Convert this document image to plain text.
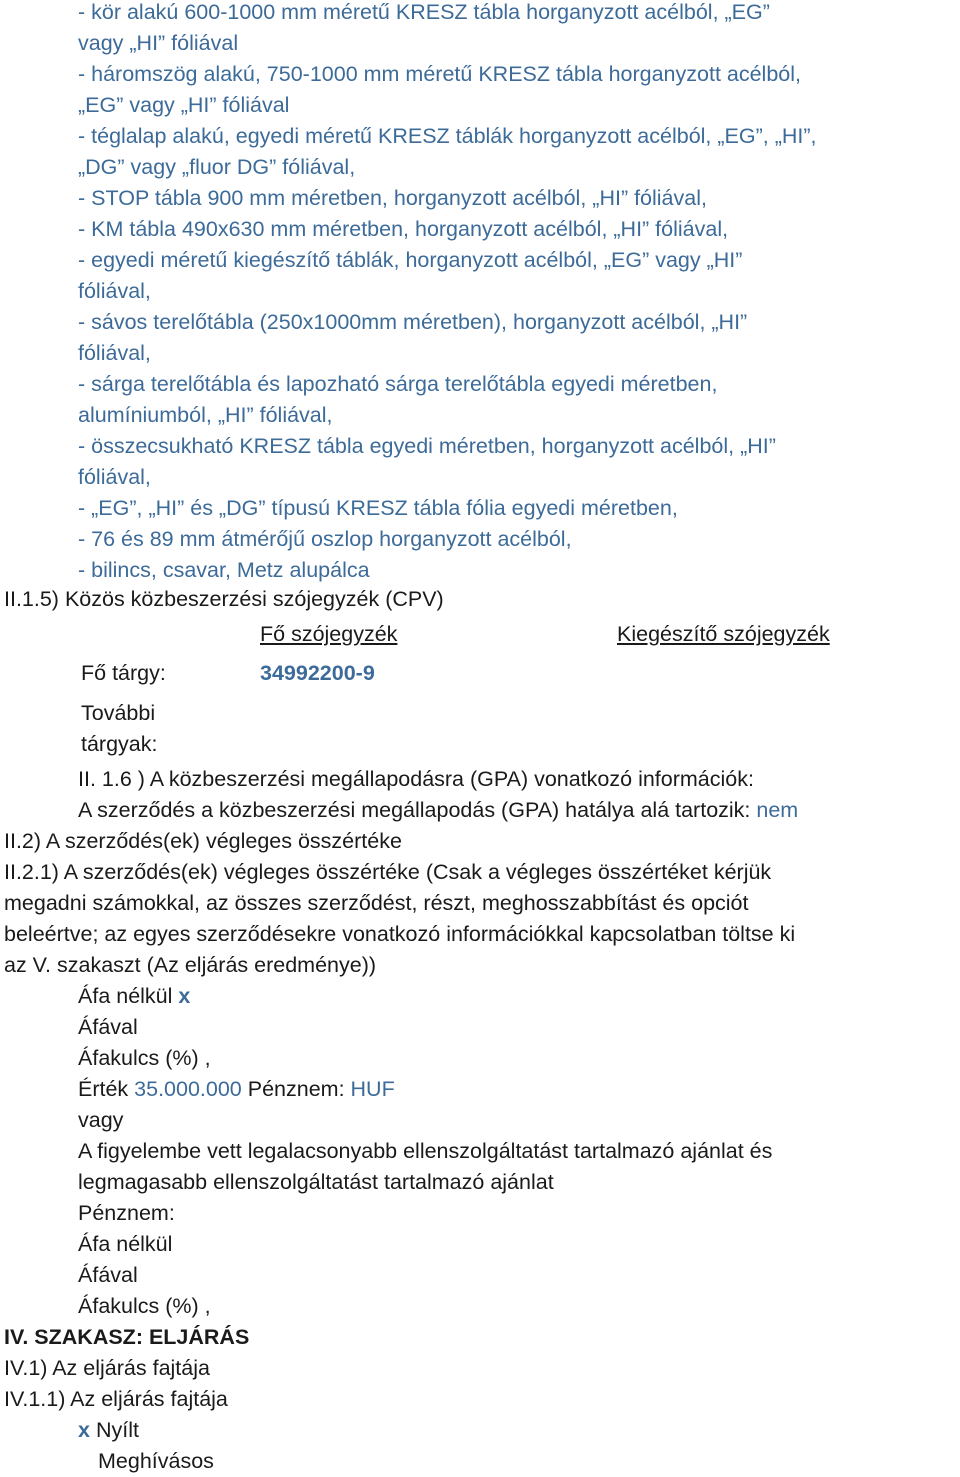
- kör alakú 600-1000 mm méretű KRESZ tábla horganyzott acélból, „EG”
vagy „HI” fóliával
- háromszög alakú, 750-1000 mm méretű KRESZ tábla horganyzott acélból,
„EG” vagy „HI” fóliával
- téglalap alakú, egyedi méretű KRESZ táblák horganyzott acélból, „EG”, „HI”,
„DG” vagy „fluor DG” fóliával,
- STOP tábla 900 mm méretben, horganyzott acélból, „HI” fóliával,
- KM tábla 490x630 mm méretben, horganyzott acélból, „HI” fóliával,
- egyedi méretű kiegészítő táblák, horganyzott acélból, „EG” vagy „HI”
fóliával,
- sávos terelőtábla (250x1000mm méretben), horganyzott acélból, „HI”
fóliával,
- sárga terelőtábla és lapozható sárga terelőtábla egyedi méretben,
alumíniumból, „HI” fóliával,
- összecsukható KRESZ tábla egyedi méretben, horganyzott acélból, „HI”
fóliával,
- „EG”, „HI” és „DG” típusú KRESZ tábla fólia egyedi méretben,
- 76 és 89 mm átmérőjű oszlop horganyzott acélból,
- bilincs, csavar, Metz alupálca
II.1.5) Közös közbeszerzési szójegyzék (CPV)
Fő szójegyzék	Kiegészítő szójegyzék
Fő tárgy:	34992200-9
További
tárgyak:
II. 1.6 ) A közbeszerzési megállapodásra (GPA) vonatkozó információk:
A szerződés a közbeszerzési megállapodás (GPA) hatálya alá tartozik: nem
II.2) A szerződés(ek) végleges összértéke
II.2.1) A szerződés(ek) végleges összértéke (Csak a végleges összértéket kérjük
megadni számokkal, az összes szerződést, részt, meghosszabbítást és opciót
beleértve; az egyes szerződésekre vonatkozó információkkal kapcsolatban töltse ki
az V. szakaszt (Az eljárás eredménye))
Áfa nélkül x
Áfával
Áfakulcs (%) ,
Érték 35.000.000 Pénznem: HUF
vagy
A figyelembe vett legalacsonyabb ellenszolgáltatást tartalmazó ajánlat és
legmagasabb ellenszolgáltatást tartalmazó ajánlat
Pénznem:
Áfa nélkül
Áfával
Áfakulcs (%) ,
IV. SZAKASZ: ELJÁRÁS
IV.1) Az eljárás fajtája
IV.1.1) Az eljárás fajtája
x Nyílt
Meghívásos
